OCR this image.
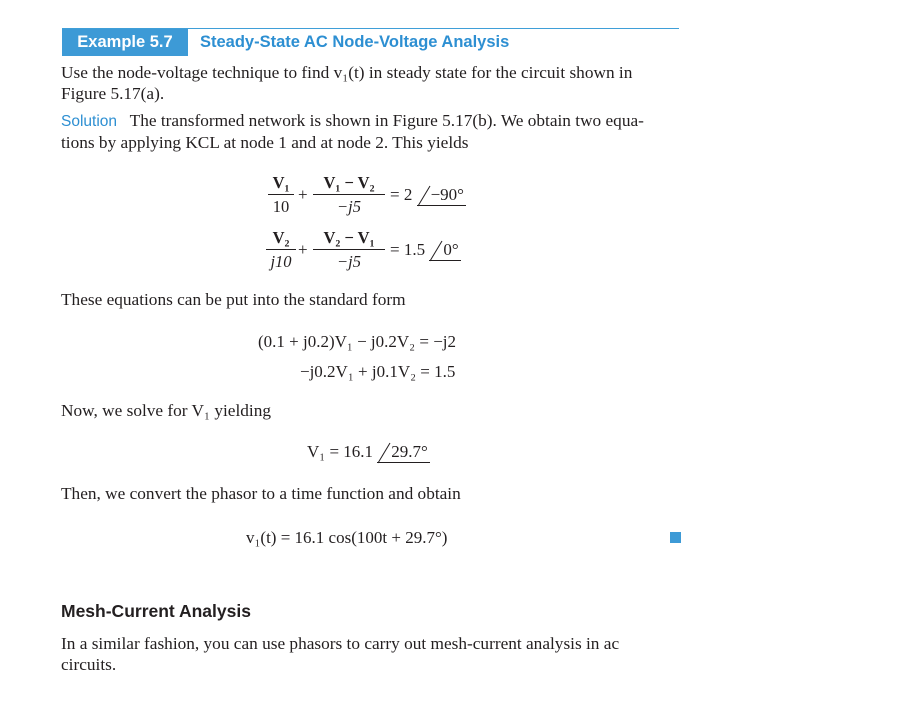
Example 5.7	Steady-State AC Node-Voltage Analysis
Use the node-voltage technique to find v₁(t) in steady state for the circuit shown in
Figure 5.17(a).
Solution The transformed network is shown in Figure 5.17(b). We obtain two equa-
tions by applying KCL at node 1 and at node 2. This yields
V₁
10
+
V₁ − V₂
−j5
= 2 −90°
V₂
j10
+
V₂ − V₁
−j5
= 1.5 0°
These equations can be put into the standard form
(0.1 + j0.2)V₁ − j0.2V₂ = −j2
−j0.2V₁ + j0.1V₂ = 1.5
Now, we solve for V₁ yielding
V₁ = 16.1 29.7°
Then, we convert the phasor to a time function and obtain
v₁(t) = 16.1 cos(100t + 29.7°)
Mesh-Current Analysis
In a similar fashion, you can use phasors to carry out mesh-current analysis in ac
circuits.
